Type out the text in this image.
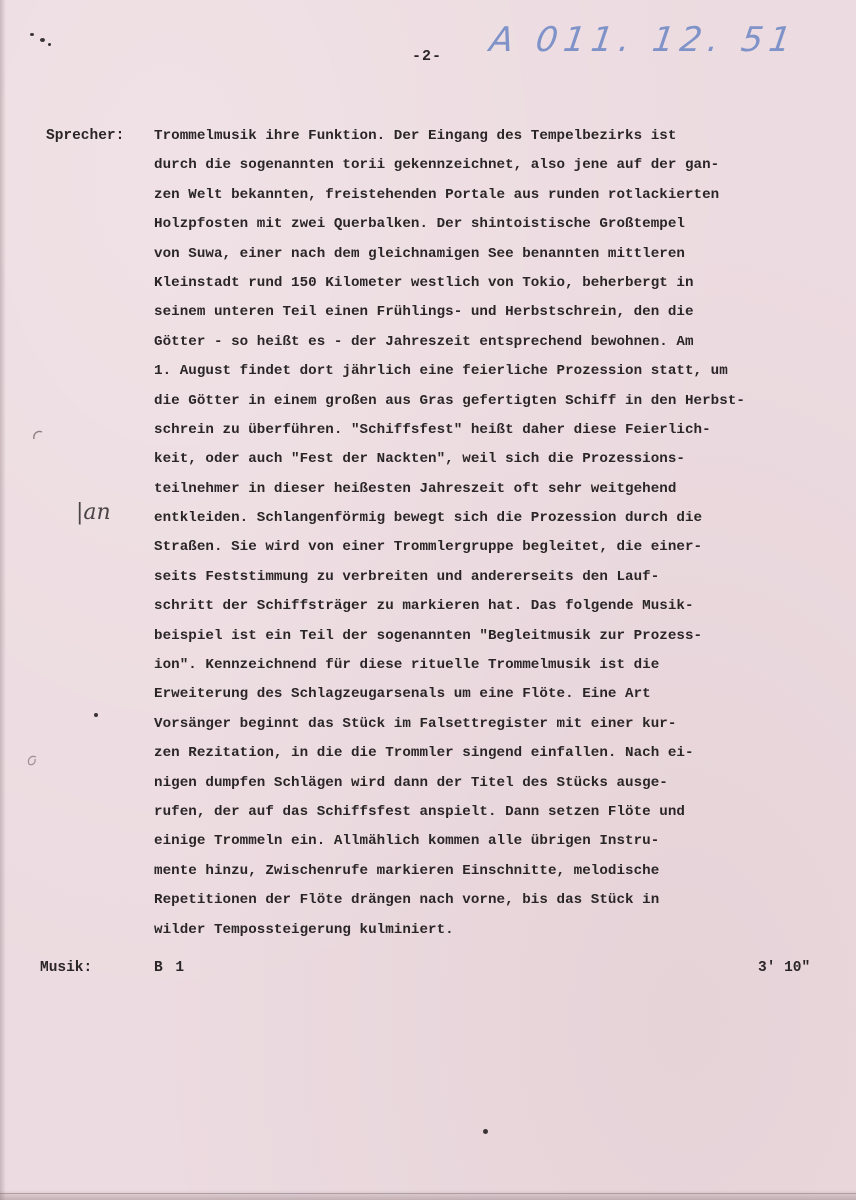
-2- A 011. 12. 51
Sprecher: Trommelmusik ihre Funktion. Der Eingang des Tempelbezirks ist
durch die sogenannten torii gekennzeichnet, also jene auf der gan-
zen Welt bekannten, freistehenden Portale aus runden rotlackierten
Holzpfosten mit zwei Querbalken. Der shintoistische Großtempel
von Suwa, einer nach dem gleichnamigen See benannten mittleren
Kleinstadt rund 150 Kilometer westlich von Tokio, beherbergt in
seinem unteren Teil einen Frühlings- und Herbstschrein, den die
Götter - so heißt es - der Jahreszeit entsprechend bewohnen. Am
1. August findet dort jährlich eine feierliche Prozession statt, um
die Götter in einem großen aus Gras gefertigten Schiff in den Herbst-
schrein zu überführen. "Schiffsfest" heißt daher diese Feierlich-
keit, oder auch "Fest der Nackten", weil sich die Prozessions-
teilnehmer in dieser heißesten Jahreszeit oft sehr weitgehend
entkleiden. Schlangenförmig bewegt sich die Prozession durch die
Straßen. Sie wird von einer Trommlergruppe begleitet, die einer-
seits Feststimmung zu verbreiten und andererseits den Lauf-
schritt der Schiffsträger zu markieren hat. Das folgende Musik-
beispiel ist ein Teil der sogenannten "Begleitmusik zur Prozess-
ion". Kennzeichnend für diese rituelle Trommelmusik ist die
Erweiterung des Schlagzeugarsenals um eine Flöte. Eine Art
Vorsänger beginnt das Stück im Falsettregister mit einer kur-
zen Rezitation, in die die Trommler singend einfallen. Nach ei-
nigen dumpfen Schlägen wird dann der Titel des Stücks ausge-
rufen, der auf das Schiffsfest anspielt. Dann setzen Flöte und
einige Trommeln ein. Allmählich kommen alle übrigen Instru-
mente hinzu, Zwischenrufe markieren Einschnitte, melodische
Repetitionen der Flöte drängen nach vorne, bis das Stück in
wilder Tempossteigerung kulminiert.
|an
Musik:	B 1	3' 10"
